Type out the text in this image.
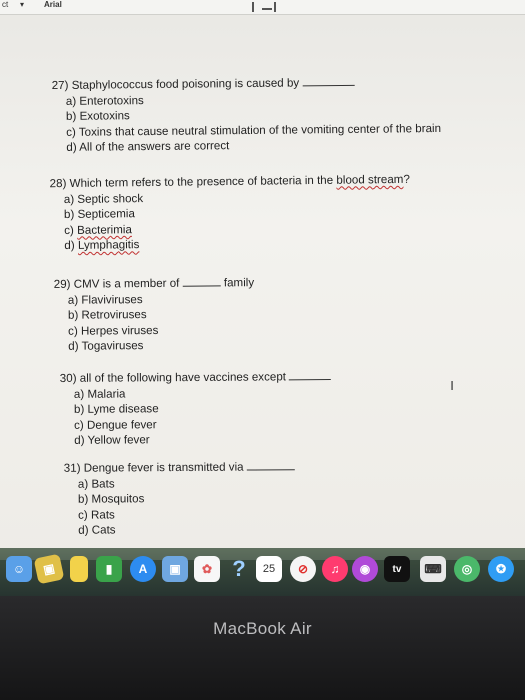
ct ▾ Arial
27) Staphylococcus food poisoning is caused by
a) Enterotoxins
b) Exotoxins
c) Toxins that cause neutral stimulation of the vomiting center of the brain
d) All of the answers are correct
28) Which term refers to the presence of bacteria in the blood stream?
a) Septic shock
b) Septicemia
c) Bacterimia
d) Lymphagitis
29) CMV is a member of	family
a) Flaviviruses
b) Retroviruses
c) Herpes viruses
d) Togaviruses
30) all of the following have vaccines except
a) Malaria
b) Lyme disease
c) Dengue fever
d) Yellow fever
I
31) Dengue fever is transmitted via
a) Bats
b) Mosquitos
c) Rats
d) Cats
☺	▣	▮	A	▣	✿ ?	25	⊘	♫	◉	tv	⌨	◎	✪
MacBook Air
